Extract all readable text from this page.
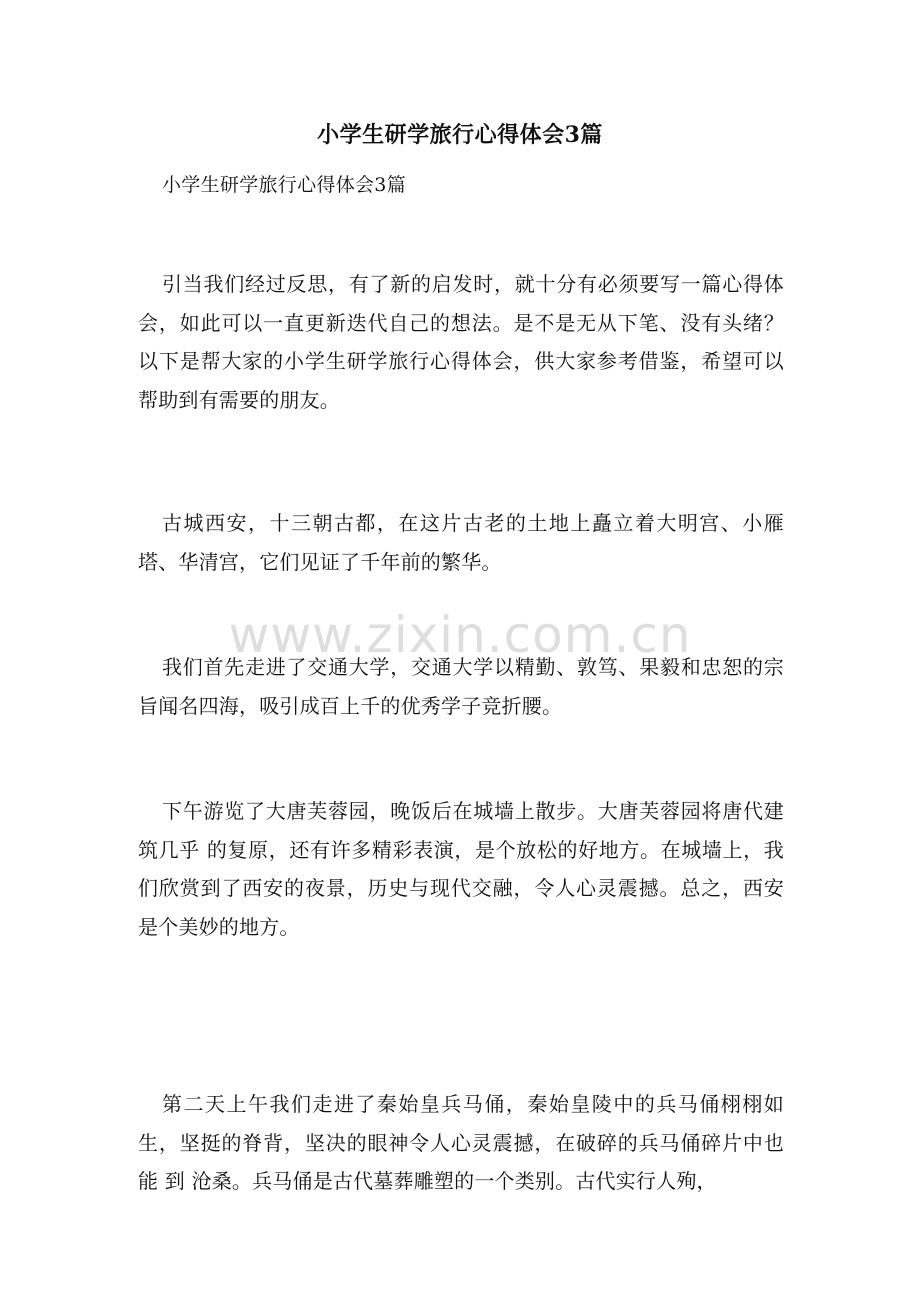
小学生研学旅行心得体会3篇
小学生研学旅行心得体会3篇
引当我们经过反思，有了新的启发时，就十分有必须要写一篇心得体会，如此可以一直更新迭代自己的想法。是不是无从下笔、没有头绪？以下是帮大家的小学生研学旅行心得体会，供大家参考借鉴，希望可以帮助到有需要的朋友。
古城西安，十三朝古都，在这片古老的土地上矗立着大明宫、小雁塔、华清宫，它们见证了千年前的繁华。
我们首先走进了交通大学，交通大学以精勤、敦笃、果毅和忠恕的宗旨闻名四海，吸引成百上千的优秀学子竞折腰。
下午游览了大唐芙蓉园，晚饭后在城墙上散步。大唐芙蓉园将唐代建筑几乎 的复原，还有许多精彩表演，是个放松的好地方。在城墙上，我们欣赏到了西安的夜景，历史与现代交融，令人心灵震撼。总之，西安是个美妙的地方。
第二天上午我们走进了秦始皇兵马俑，秦始皇陵中的兵马俑栩栩如生，坚挺的脊背，坚决的眼神令人心灵震撼，在破碎的兵马俑碎片中也能 到 沧桑。兵马俑是古代墓葬雕塑的一个类别。古代实行人殉，
www.zixin.com.cn
